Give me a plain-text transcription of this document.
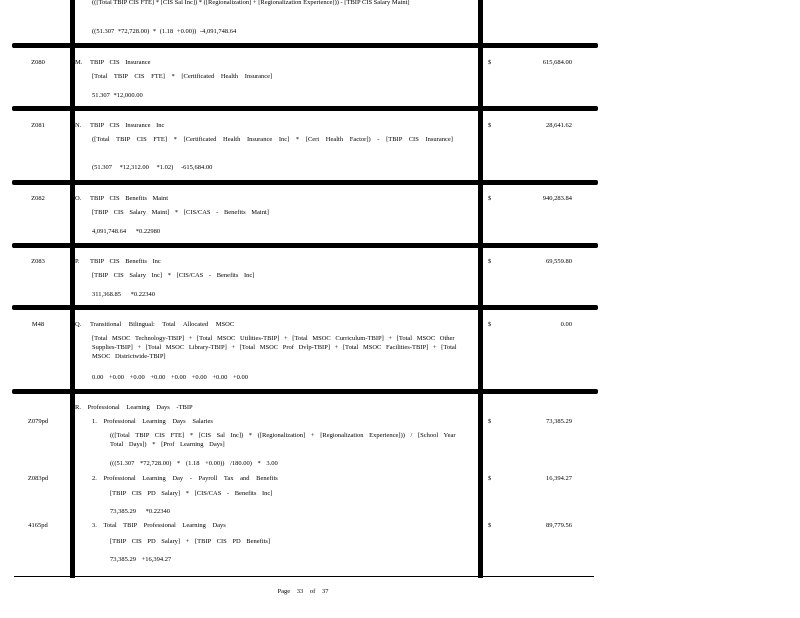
(([Total TBIP CIS FTE] * [CIS Sal Inc]) * ([Regionalization] + [Regionalization Experience])) - [TBIP CIS Salary Maint]
((51.307 *72,728.00) * (1.18 +0.00)) -4,091,748.64
Z080	M. TBIP CIS Insurance
[Total TBIP CIS FTE] * [Certificated Health Insurance]
51.307 *12,000.00
$	615,684.00
Z081	N. TBIP CIS Insurance Inc
([Total TBIP CIS FTE] * [Certificated Health Insurance Inc] * [Cert Health Factor]) - [TBIP CIS Insurance]
(51.307 *12,312.00 *1.02) -615,684.00
$	28,641.62
Z082	O. TBIP CIS Benefits Maint
[TBIP CIS Salary Maint] * [CIS/CAS - Benefits Maint]
4,091,748.64 *0.22980
$	940,283.84
Z083	P. TBIP CIS Benefits Inc
[TBIP CIS Salary Inc] * [CIS/CAS - Benefits Inc]
311,368.85 *0.22340
$	69,559.80
M48	Q. Transitional Bilingual: Total Allocated MSOC
[Total MSOC Technology-TBIP] + [Total MSOC Utilities-TBIP] + [Total MSOC Curriculum-TBIP] + [Total MSOC Other Supplies-TBIP] + [Total MSOC Library-TBIP] + [Total MSOC Prof Dvlp-TBIP] + [Total MSOC Facilities-TBIP] + [Total MSOC Districtwide-TBIP]
0.00 +0.00 +0.00 +0.00 +0.00 +0.00 +0.00 +0.00
$	0.00
R. Professional Learning Days -TBIP
Z079pd	1. Professional Learning Days Salaries
(([Total TBIP CIS FTE] * [CIS Sal Inc]) * ([Regionalization] + [Regionalization Experience])) / [School Year Total Days]) * [Prof Learning Days]
(((51.307 *72,728.00) * (1.18 +0.00)) /180.00) * 3.00
$	73,385.29
Z083pd	2. Professional Learning Day - Payroll Tax and Benefits
[TBIP CIS PD Salary] * [CIS/CAS - Benefits Inc]
73,385.29 *0.22340
$	16,394.27
4165pd	3. Total TBIP Professional Learning Days
[TBIP CIS PD Salary] + [TBIP CIS PD Benefits]
73,385.29 +16,394.27
$	89,779.56
Page 33 of 37
